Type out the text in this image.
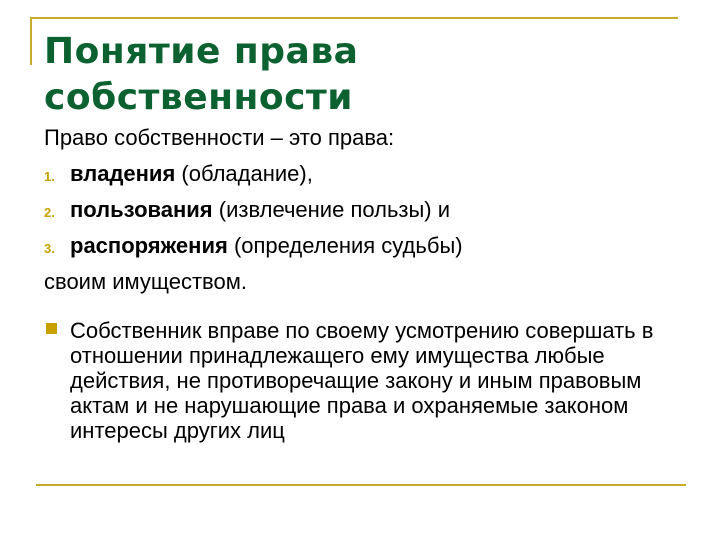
Понятие права
собственности

Право собственности – это права:

1. владения (обладание),
2. пользования (извлечение пользы) и
3. распоряжения (определения судьбы)

своим имуществом.

Собственник вправе по своему усмотрению совершать в отношении принадлежащего ему имущества любые действия, не противоречащие закону и иным правовым актам и не нарушающие права и охраняемые законом интересы других лиц
